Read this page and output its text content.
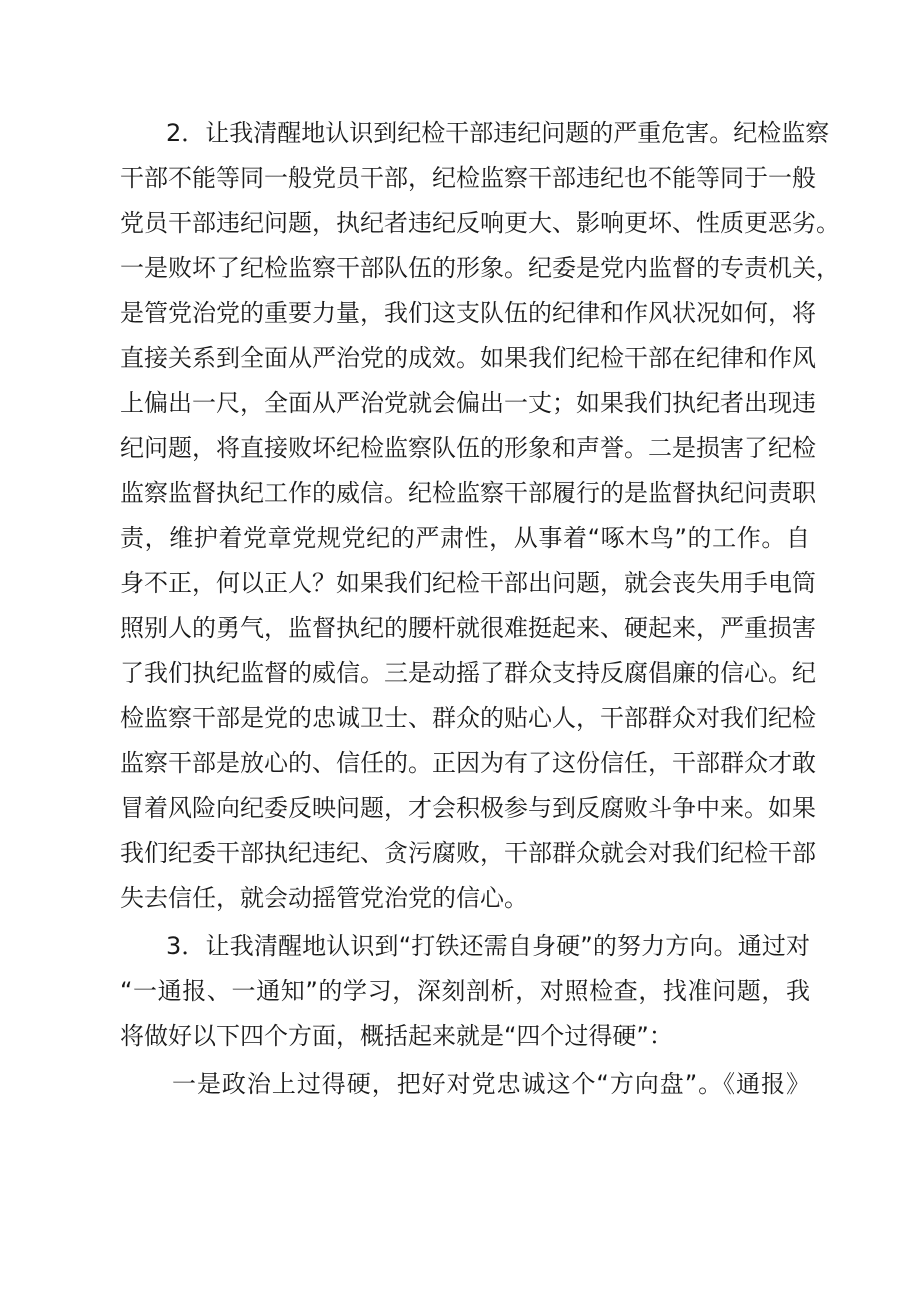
2．让我清醒地认识到纪检干部违纪问题的严重危害。纪检监察
干部不能等同一般党员干部，纪检监察干部违纪也不能等同于一般
党员干部违纪问题，执纪者违纪反响更大、影响更坏、性质更恶劣。
一是败坏了纪检监察干部队伍的形象。纪委是党内监督的专责机关，
是管党治党的重要力量，我们这支队伍的纪律和作风状况如何，将
直接关系到全面从严治党的成效。如果我们纪检干部在纪律和作风
上偏出一尺，全面从严治党就会偏出一丈；如果我们执纪者出现违
纪问题，将直接败坏纪检监察队伍的形象和声誉。二是损害了纪检
监察监督执纪工作的威信。纪检监察干部履行的是监督执纪问责职
责，维护着党章党规党纪的严肃性，从事着“啄木鸟”的工作。自
身不正，何以正人？如果我们纪检干部出问题，就会丧失用手电筒
照别人的勇气，监督执纪的腰杆就很难挺起来、硬起来，严重损害
了我们执纪监督的威信。三是动摇了群众支持反腐倡廉的信心。纪
检监察干部是党的忠诚卫士、群众的贴心人，干部群众对我们纪检
监察干部是放心的、信任的。正因为有了这份信任，干部群众才敢
冒着风险向纪委反映问题，才会积极参与到反腐败斗争中来。如果
我们纪委干部执纪违纪、贪污腐败，干部群众就会对我们纪检干部
失去信任，就会动摇管党治党的信心。
3．让我清醒地认识到“打铁还需自身硬”的努力方向。通过对
“一通报、一通知”的学习，深刻剖析，对照检查，找准问题，我
将做好以下四个方面，概括起来就是“四个过得硬”：
一是政治上过得硬，把好对党忠诚这个“方向盘”。《通报》
